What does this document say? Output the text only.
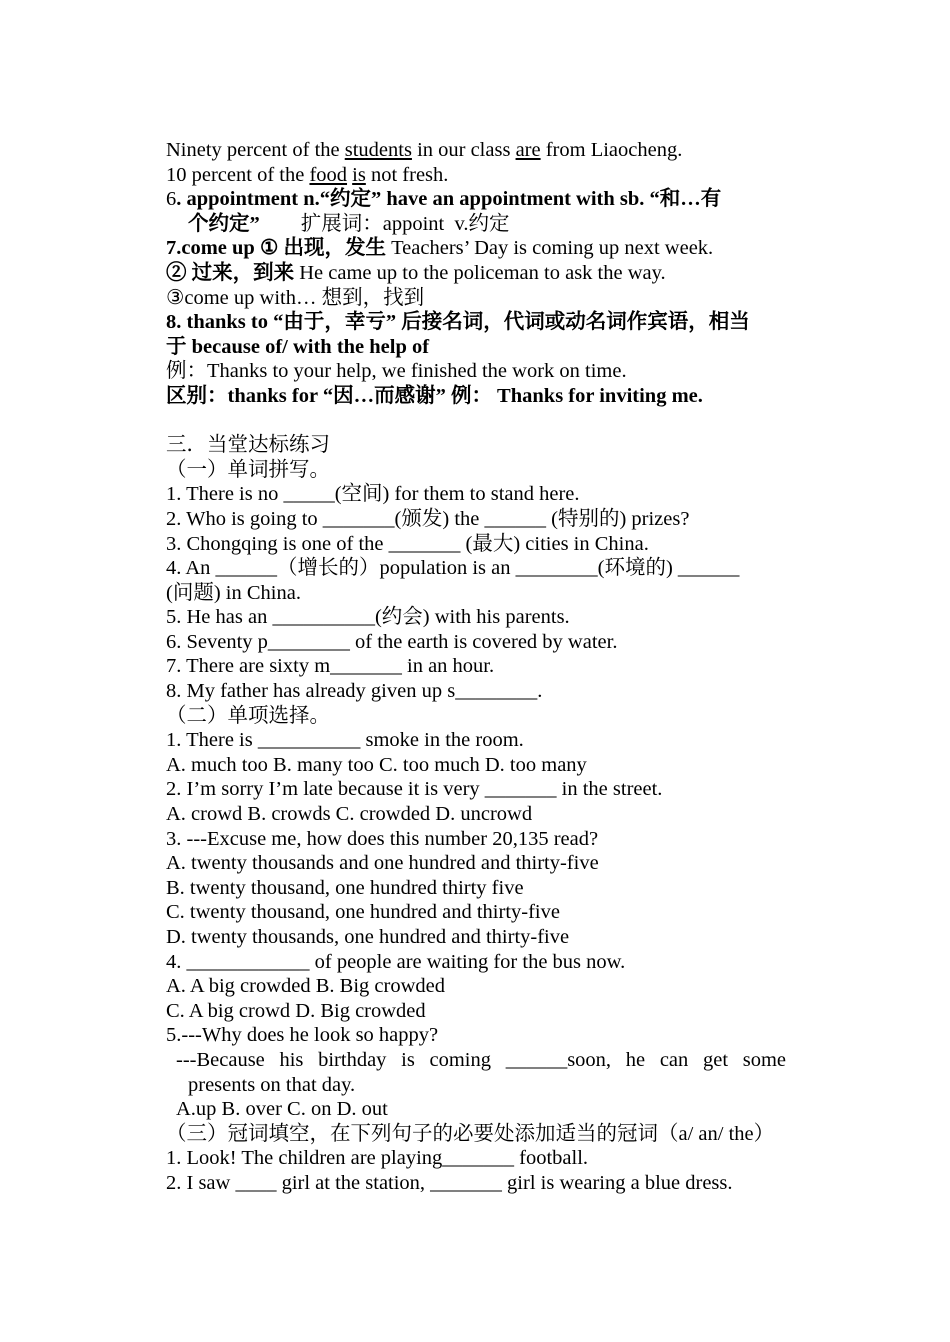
Ninety percent of the students in our class are from Liaocheng.
10 percent of the food is not fresh.
6. appointment n.“约定” have an appointment with sb. “和…有
个约定”        扩展词：appoint  v.约定
7.come up ① 出现，发生 Teachers’ Day is coming up next week.
② 过来，到来 He came up to the policeman to ask the way.
③come up with… 想到，找到
8. thanks to “由于，幸亏” 后接名词，代词或动名词作宾语，相当
于 because of/ with the help of
例：Thanks to your help, we finished the work on time.
区别：thanks for “因…而感谢” 例： Thanks for inviting me.
三．当堂达标练习
（一）单词拼写。
1. There is no _____(空间) for them to stand here.
2. Who is going to _______(颁发) the ______ (特别的) prizes?
3. Chongqing is one of the _______ (最大) cities in China.
4. An ______（增长的）population is an ________(环境的) ______
(问题) in China.
5. He has an __________(约会) with his parents.
6. Seventy p________ of the earth is covered by water.
7. There are sixty m_______ in an hour.
8. My father has already given up s________.
（二）单项选择。
1. There is __________ smoke in the room.
A. much too B. many too C. too much D. too many
2. I’m sorry I’m late because it is very _______ in the street.
A. crowd B. crowds C. crowded D. uncrowd
3. ---Excuse me, how does this number 20,135 read?
A. twenty thousands and one hundred and thirty-five
B. twenty thousand, one hundred thirty five
C. twenty thousand, one hundred and thirty-five
D. twenty thousands, one hundred and thirty-five
4. ____________ of people are waiting for the bus now.
A. A big crowded B. Big crowded
C. A big crowd D. Big crowded
5.---Why does he look so happy?
---Because his birthday is coming ______soon, he can get some
presents on that day.
A.up B. over C. on D. out
（三）冠词填空，在下列句子的必要处添加适当的冠词（a/ an/ the）
1. Look! The children are playing_______ football.
2. I saw ____ girl at the station, _______ girl is wearing a blue dress.
